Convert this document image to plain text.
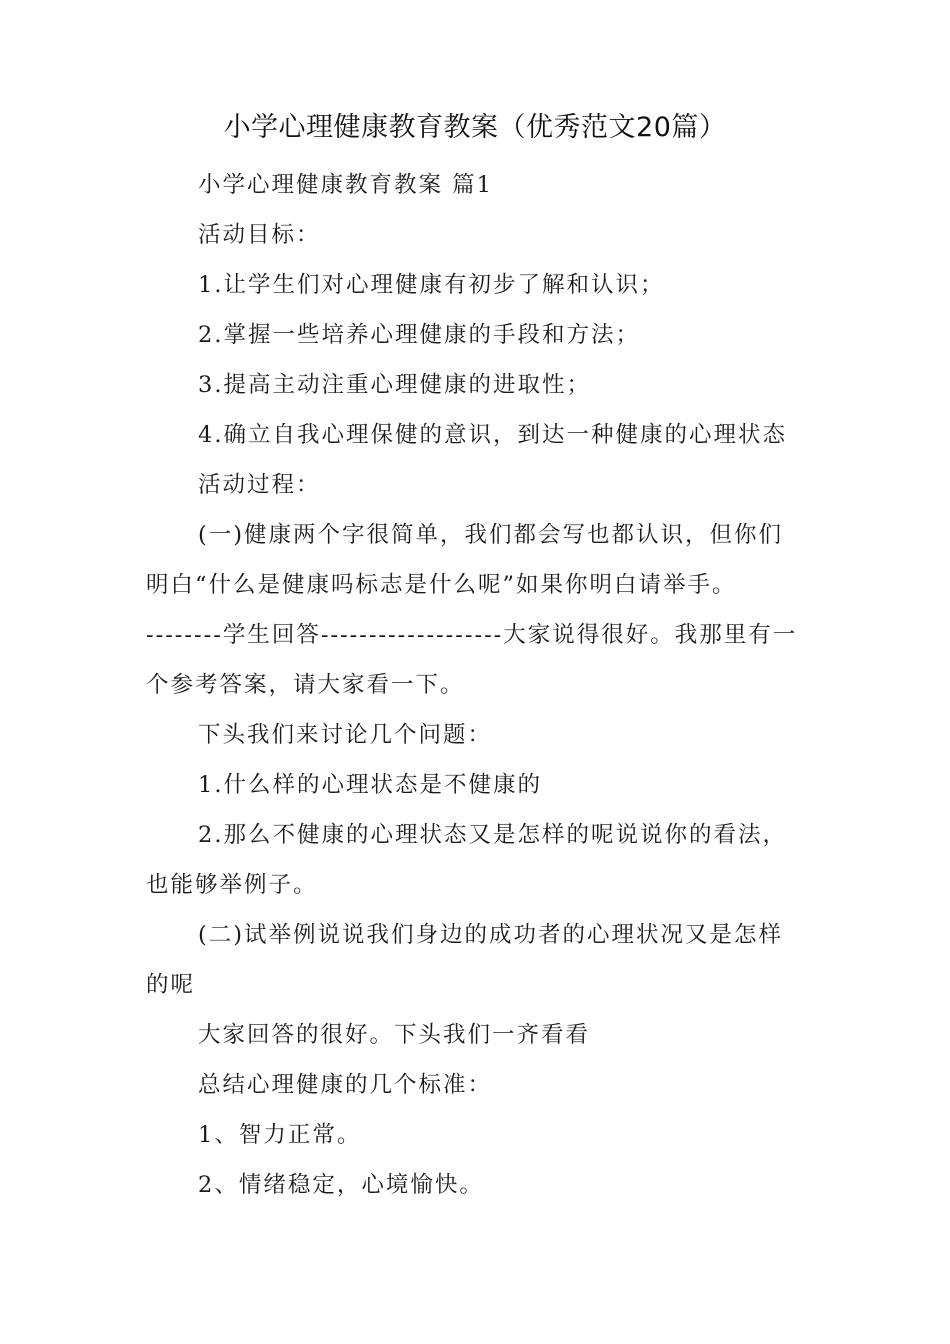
小学心理健康教育教案（优秀范文20篇）

小学心理健康教育教案 篇1

活动目标：

1.让学生们对心理健康有初步了解和认识；

2.掌握一些培养心理健康的手段和方法；

3.提高主动注重心理健康的进取性；

4.确立自我心理保健的意识，到达一种健康的心理状态

活动过程：

(一)健康两个字很简单，我们都会写也都认识，但你们明白“什么是健康吗标志是什么呢”如果你明白请举手。

--------学生回答-------------------大家说得很好。我那里有一个参考答案，请大家看一下。

下头我们来讨论几个问题：

1.什么样的心理状态是不健康的

2.那么不健康的心理状态又是怎样的呢说说你的看法，也能够举例子。

(二)试举例说说我们身边的成功者的心理状况又是怎样的呢

大家回答的很好。下头我们一齐看看

总结心理健康的几个标准：

1、智力正常。

2、情绪稳定，心境愉快。
